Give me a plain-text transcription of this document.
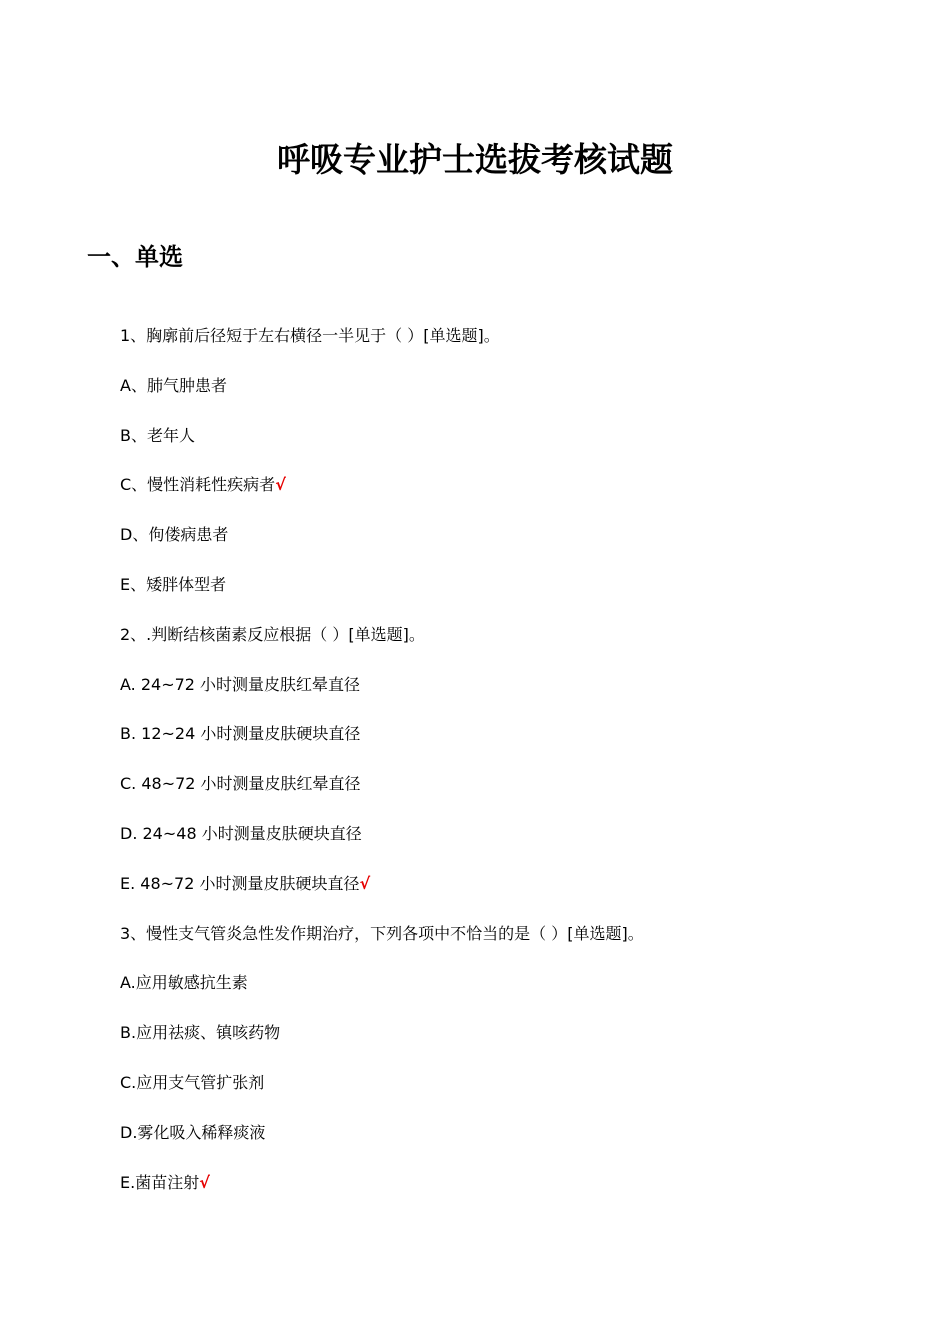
呼吸专业护士选拔考核试题
一、单选
1、胸廓前后径短于左右横径一半见于（ ）[单选题]。
A、肺气肿患者
B、老年人
C、慢性消耗性疾病者√
D、佝偻病患者
E、矮胖体型者
2、.判断结核菌素反应根据（ ）[单选题]。
A. 24~72 小时测量皮肤红晕直径
B. 12~24 小时测量皮肤硬块直径
C. 48~72 小时测量皮肤红晕直径
D. 24~48 小时测量皮肤硬块直径
E. 48~72 小时测量皮肤硬块直径√
3、慢性支气管炎急性发作期治疗，下列各项中不恰当的是（ ）[单选题]。
A.应用敏感抗生素
B.应用祛痰、镇咳药物
C.应用支气管扩张剂
D.雾化吸入稀释痰液
E.菌苗注射√
